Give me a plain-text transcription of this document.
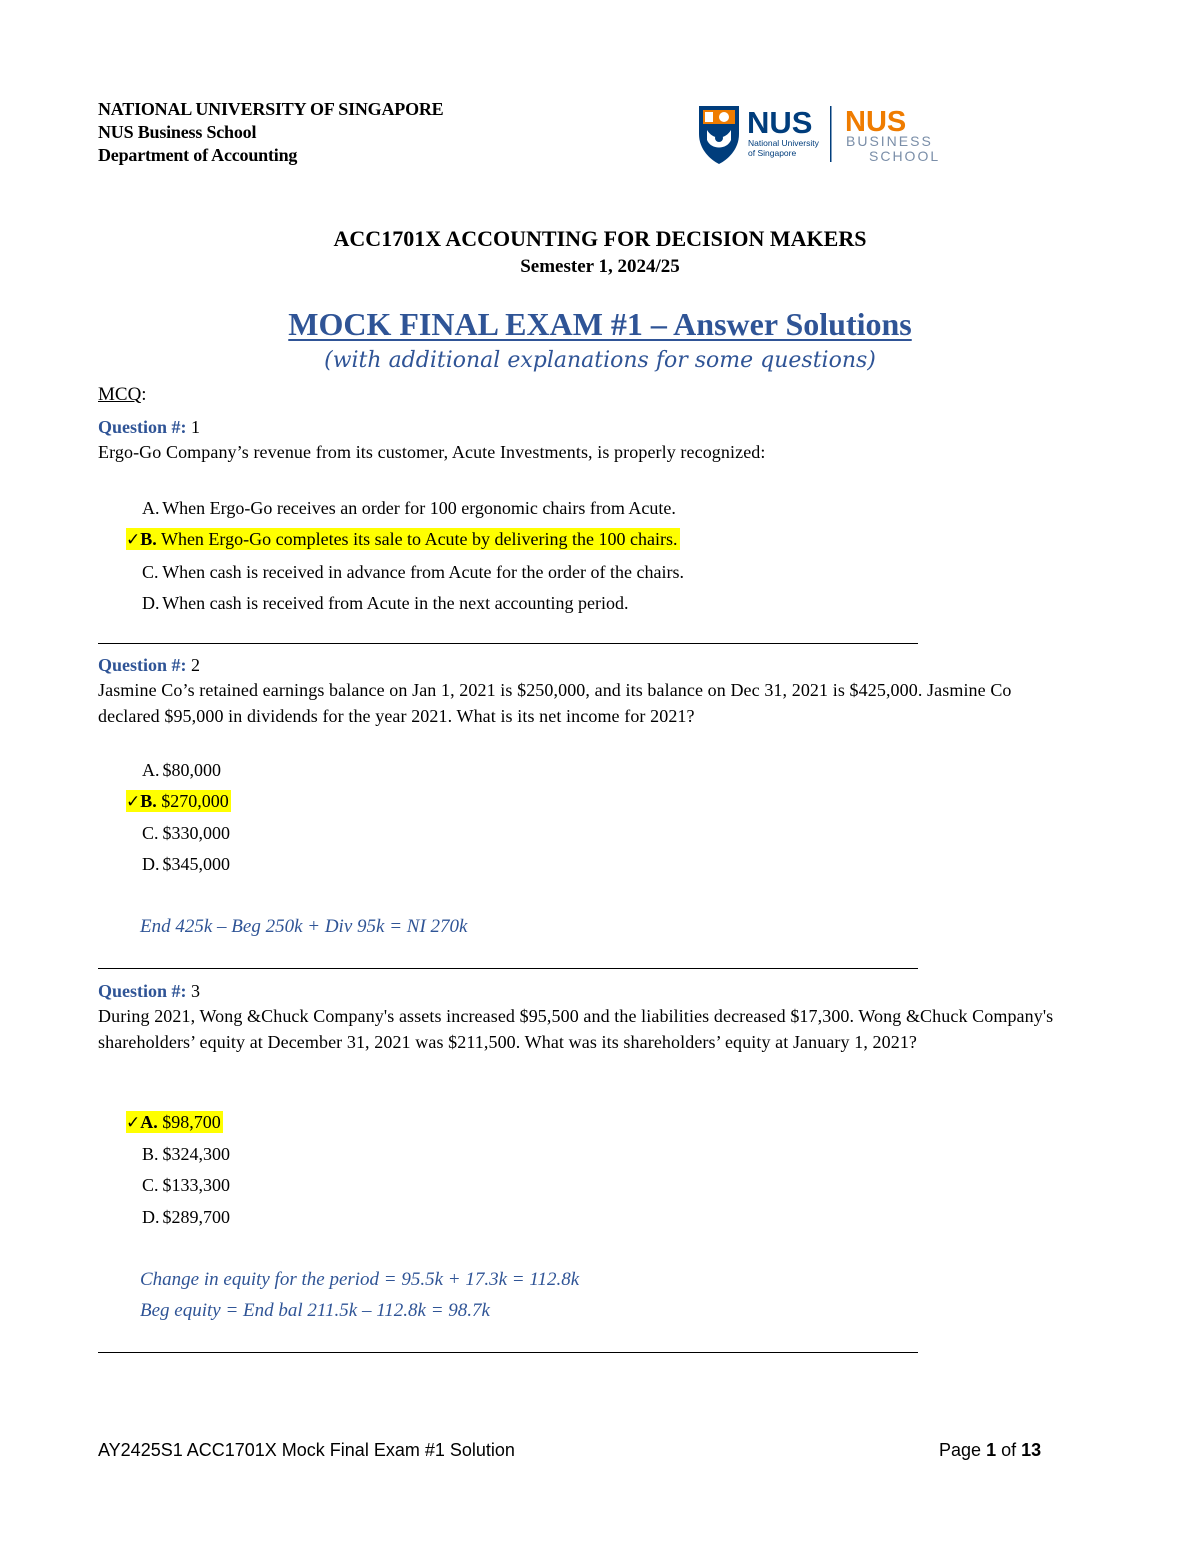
NATIONAL UNIVERSITY OF SINGAPORE
NUS Business School
Department of Accounting
NUS
National University
of Singapore
NUS
BUSINESS
SCHOOL
ACC1701X ACCOUNTING FOR DECISION MAKERS
Semester 1, 2024/25
MOCK FINAL EXAM #1 – Answer Solutions
(with additional explanations for some questions)
MCQ:
Question #: 1
Ergo-Go Company’s revenue from its customer, Acute Investments, is properly recognized:
A. When Ergo-Go receives an order for 100 ergonomic chairs from Acute.
✓B. When Ergo-Go completes its sale to Acute by delivering the 100 chairs.
C. When cash is received in advance from Acute for the order of the chairs.
D. When cash is received from Acute in the next accounting period.
Question #: 2
Jasmine Co’s retained earnings balance on Jan 1, 2021 is $250,000, and its balance on Dec 31, 2021 is $425,000. Jasmine Co declared $95,000 in dividends for the year 2021. What is its net income for 2021?
A. $80,000
✓B. $270,000
C. $330,000
D. $345,000
End 425k – Beg 250k + Div 95k = NI 270k
Question #: 3
During 2021, Wong &Chuck Company's assets increased $95,500 and the liabilities decreased $17,300. Wong &Chuck Company's shareholders’ equity at December 31, 2021 was $211,500. What was its shareholders’ equity at January 1, 2021?
✓A. $98,700
B. $324,300
C. $133,300
D. $289,700
Change in equity for the period = 95.5k + 17.3k = 112.8k
Beg equity = End bal 211.5k – 112.8k = 98.7k
AY2425S1 ACC1701X Mock Final Exam #1 Solution	Page 1 of 13
